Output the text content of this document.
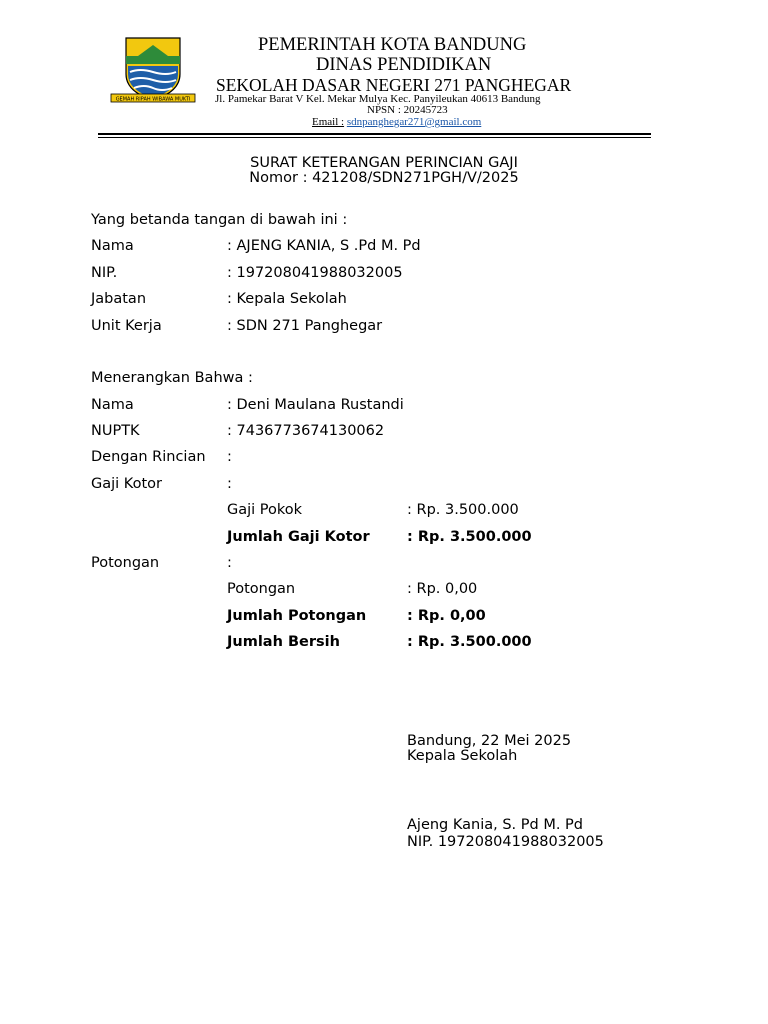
GEMAH RIPAH WIBAWA MUKTI
PEMERINTAH KOTA BANDUNG
DINAS PENDIDIKAN
SEKOLAH DASAR NEGERI 271 PANGHEGAR
Jl. Pamekar Barat V Kel. Mekar Mulya Kec. Panyileukan 40613 Bandung
NPSN : 20245723
Email : sdnpanghegar271@gmail.com
SURAT KETERANGAN PERINCIAN GAJI
Nomor : 421208/SDN271PGH/V/2025
Yang betanda tangan di bawah ini :
Nama	: AJENG KANIA, S .Pd M. Pd
NIP.	: 197208041988032005
Jabatan	: Kepala Sekolah
Unit Kerja	: SDN 271 Panghegar
Menerangkan Bahwa :
Nama	: Deni Maulana Rustandi
NUPTK	: 7436773674130062
Dengan Rincian :
Gaji Kotor	:
Gaji Pokok	: Rp. 3.500.000
Jumlah Gaji Kotor	: Rp. 3.500.000
Potongan	:
Potongan	: Rp. 0,00
Jumlah Potongan	: Rp. 0,00
Jumlah Bersih	: Rp. 3.500.000
Bandung, 22 Mei 2025
Kepala Sekolah
Ajeng Kania, S. Pd M. Pd
NIP. 197208041988032005
